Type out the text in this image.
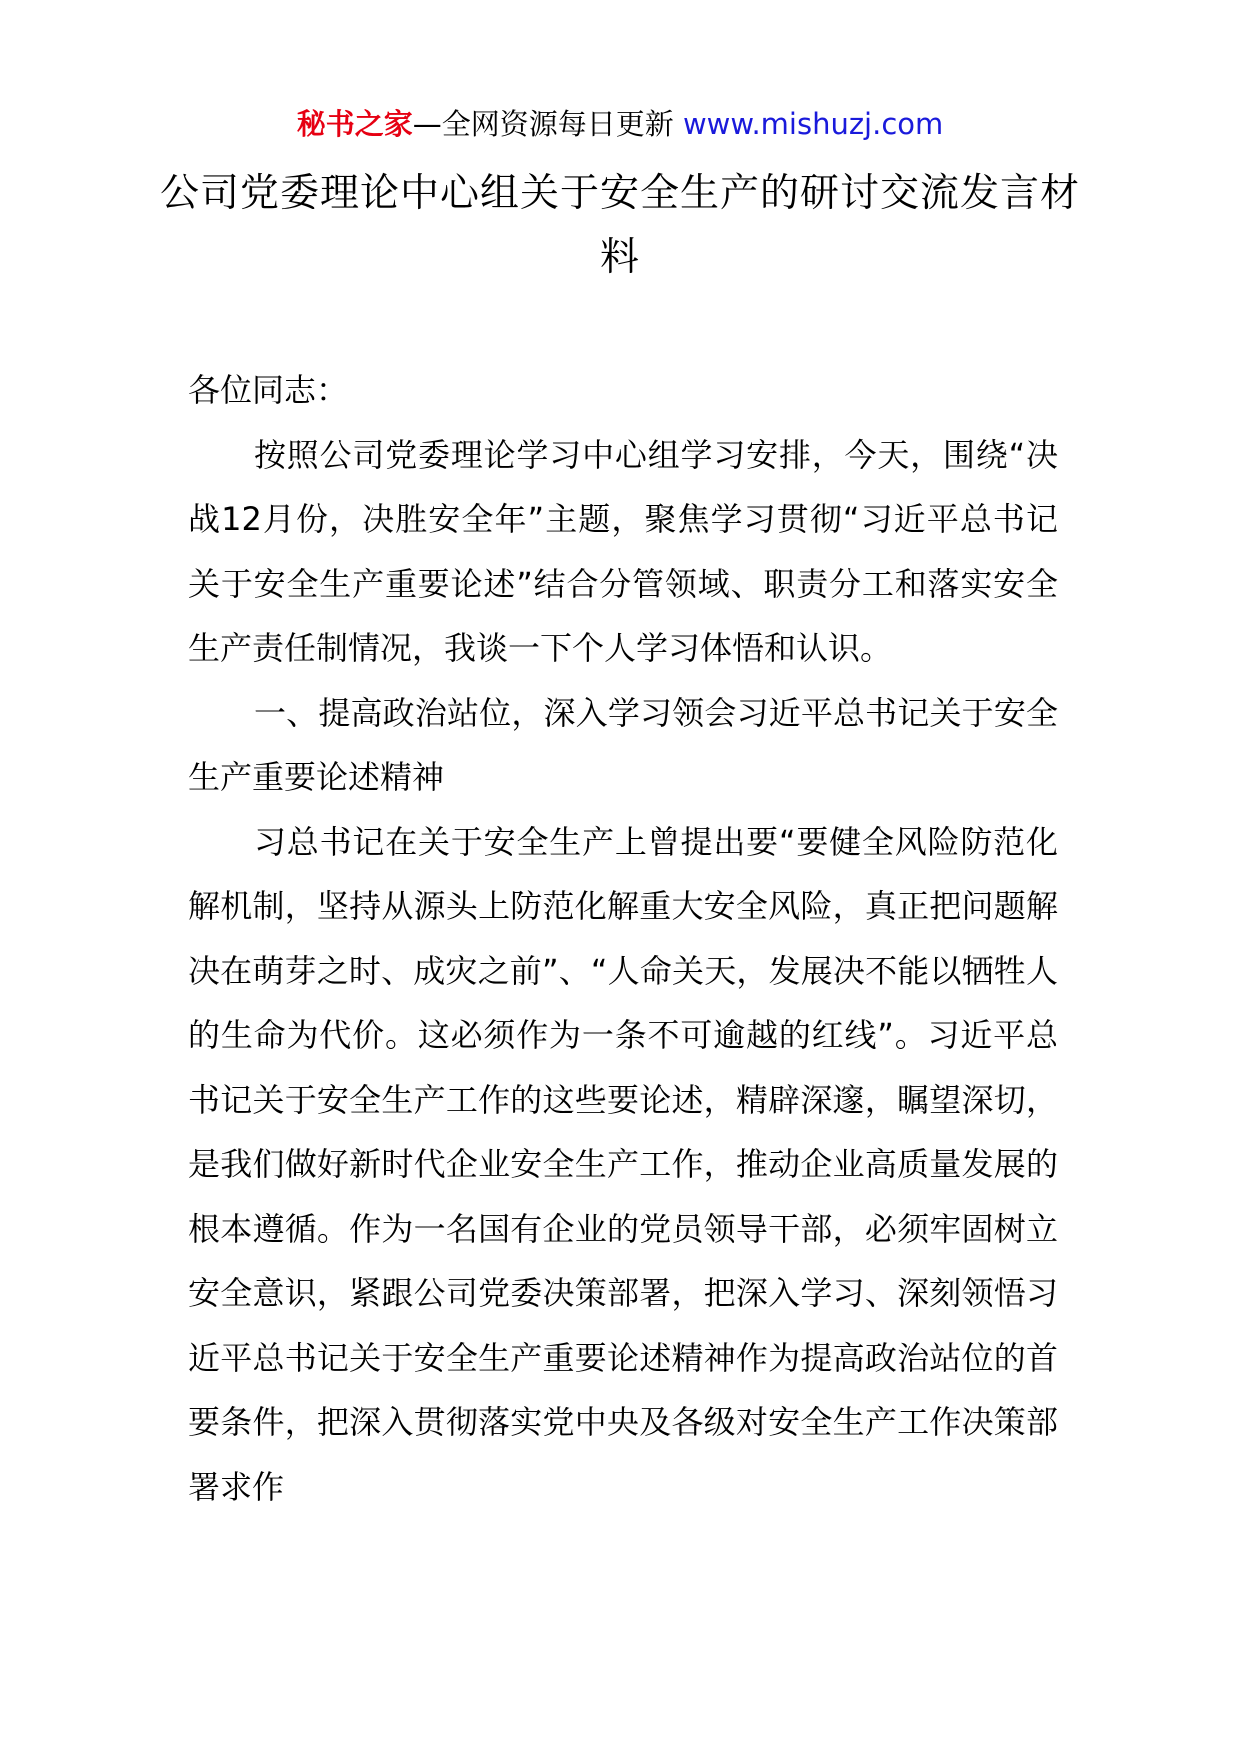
秘书之家—全网资源每日更新 www.mishuzj.com
公司党委理论中心组关于安全生产的研讨交流发言材料

各位同志：

按照公司党委理论学习中心组学习安排，今天，围绕“决战12月份，决胜安全年”主题，聚焦学习贯彻“习近平总书记关于安全生产重要论述”结合分管领域、职责分工和落实安全生产责任制情况，我谈一下个人学习体悟和认识。

一、提高政治站位，深入学习领会习近平总书记关于安全生产重要论述精神

习总书记在关于安全生产上曾提出要“要健全风险防范化解机制，坚持从源头上防范化解重大安全风险，真正把问题解决在萌芽之时、成灾之前”、“人命关天，发展决不能以牺牲人的生命为代价。这必须作为一条不可逾越的红线”。习近平总书记关于安全生产工作的这些要论述，精辟深邃，瞩望深切，是我们做好新时代企业安全生产工作，推动企业高质量发展的根本遵循。作为一名国有企业的党员领导干部，必须牢固树立安全意识，紧跟公司党委决策部署，把深入学习、深刻领悟习近平总书记关于安全生产重要论述精神作为提高政治站位的首要条件，把深入贯彻落实党中央及各级对安全生产工作决策部署求作
